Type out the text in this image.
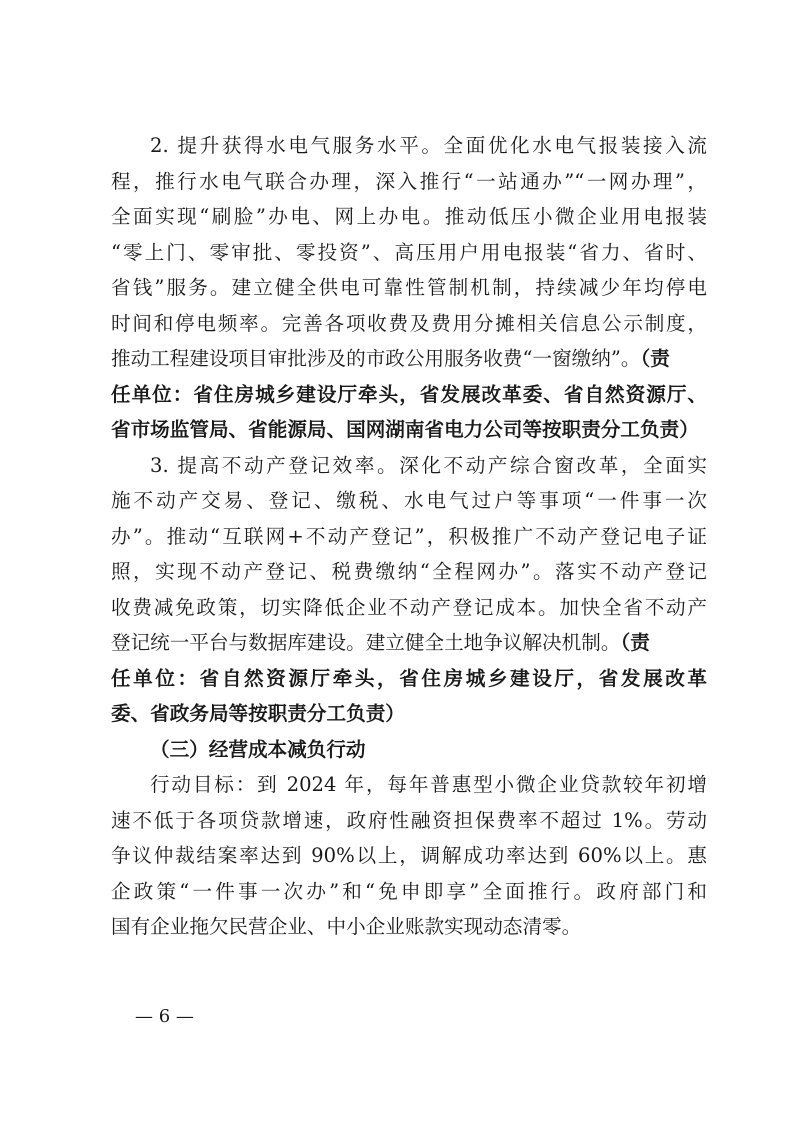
2. 提升获得水电气服务水平。全面优化水电气报装接入流
程，推行水电气联合办理，深入推行“一站通办”“一网办理”，
全面实现“刷脸”办电、网上办电。推动低压小微企业用电报装
“零上门、零审批、零投资”、高压用户用电报装“省力、省时、
省钱”服务。建立健全供电可靠性管制机制，持续减少年均停电
时间和停电频率。完善各项收费及费用分摊相关信息公示制度，
推动工程建设项目审批涉及的市政公用服务收费“一窗缴纳”。（责
任单位：省住房城乡建设厅牵头，省发展改革委、省自然资源厅、
省市场监管局、省能源局、国网湖南省电力公司等按职责分工负责）
3. 提高不动产登记效率。深化不动产综合窗改革，全面实
施不动产交易、登记、缴税、水电气过户等事项“一件事一次
办”。推动“互联网+不动产登记”，积极推广不动产登记电子证
照，实现不动产登记、税费缴纳“全程网办”。落实不动产登记
收费减免政策，切实降低企业不动产登记成本。加快全省不动产
登记统一平台与数据库建设。建立健全土地争议解决机制。（责
任单位：省自然资源厅牵头，省住房城乡建设厅，省发展改革
委、省政务局等按职责分工负责）
（三）经营成本减负行动
行动目标：到 2024 年，每年普惠型小微企业贷款较年初增
速不低于各项贷款增速，政府性融资担保费率不超过 1%。劳动
争议仲裁结案率达到 90%以上，调解成功率达到 60%以上。惠
企政策“一件事一次办”和“免申即享”全面推行。政府部门和
国有企业拖欠民营企业、中小企业账款实现动态清零。
— 6 —
